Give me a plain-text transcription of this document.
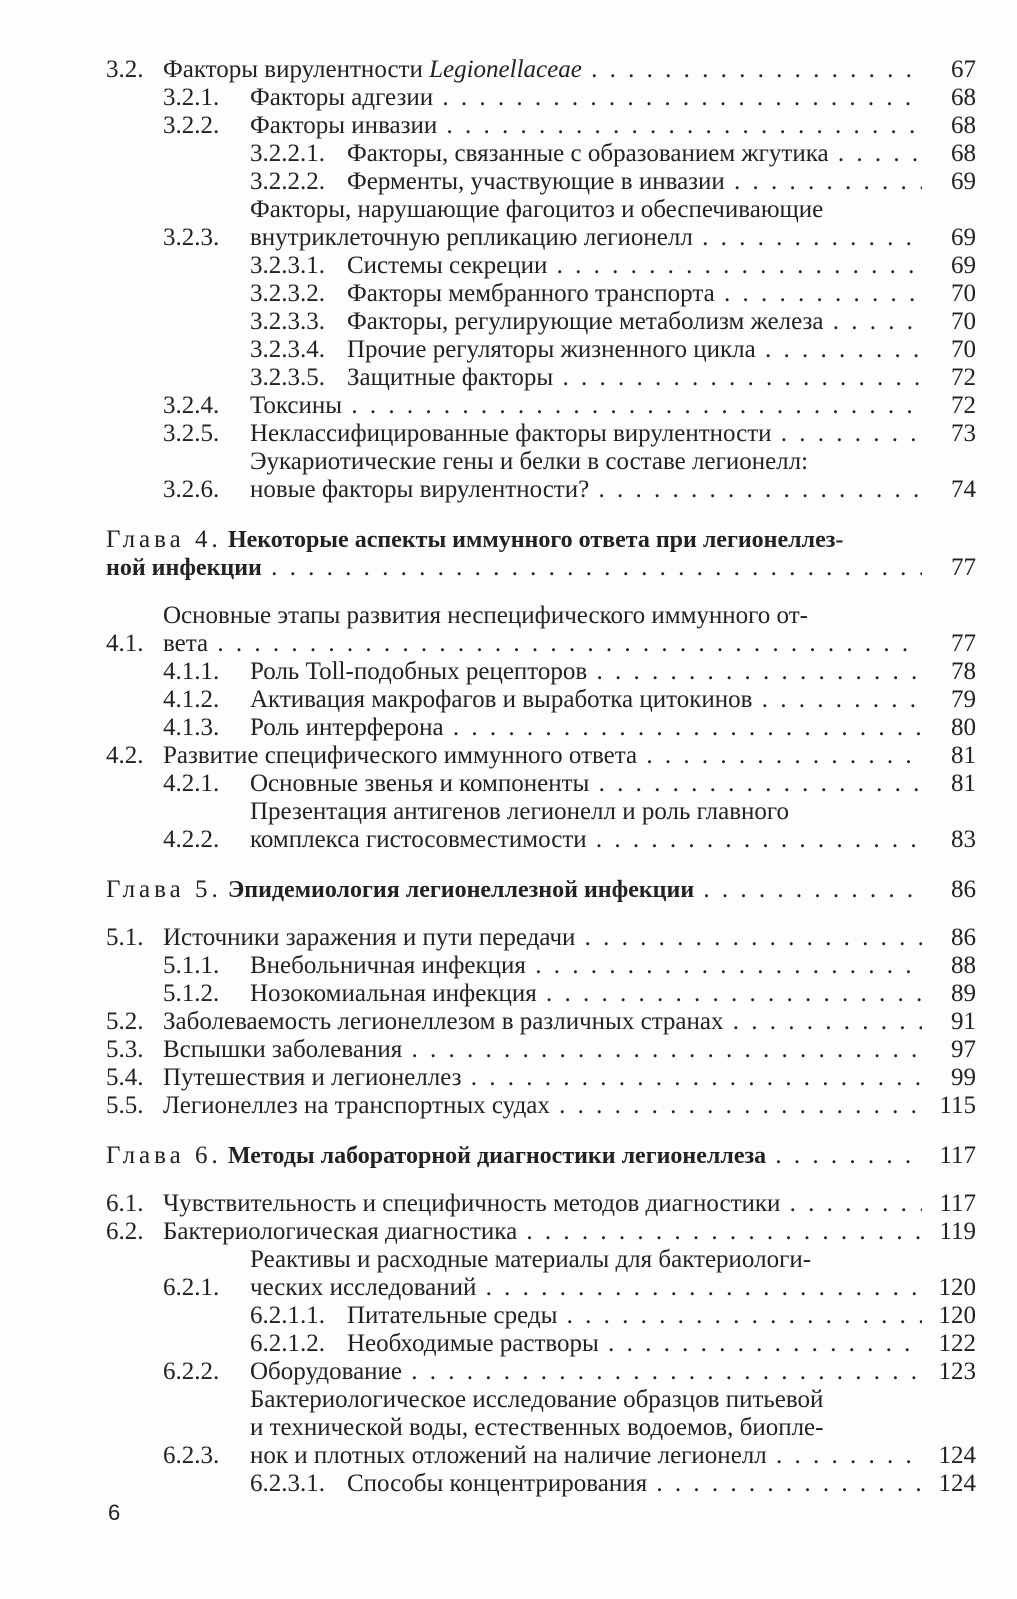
3.2. Факторы вирулентности Legionellaceae . . .	67
3.2.1.	Факторы адгезии . . .	68
3.2.2.	Факторы инвазии . . .	68
3.2.2.1. Факторы, связанные с образованием жгутика . . .	68
3.2.2.2. Ферменты, участвующие в инвазии . . .	69
3.2.3.
Факторы, нарушающие фагоцитоз и обеспечивающие
внутриклеточную репликацию легионелл . . .	69
3.2.3.1. Системы секреции . . .	69
3.2.3.2. Факторы мембранного транспорта . . .	70
3.2.3.3. Факторы, регулирующие метаболизм железа . . .	70
3.2.3.4. Прочие регуляторы жизненного цикла . . .	70
3.2.3.5. Защитные факторы . . .	72
3.2.4.	Токсины . . .	72
3.2.5.	Неклассифицированные факторы вирулентности . . .	73
3.2.6.
Эукариотические гены и белки в составе легионелл:
новые факторы вирулентности? . . .	74
Глава 4. Некоторые аспекты иммунного ответа при легионеллез-
ной инфекции . . .	77
4.1.
Основные этапы развития неспецифического иммунного от-
вета . . .	77
4.1.1.	Роль Toll-подобных рецепторов . . .	78
4.1.2.	Активация макрофагов и выработка цитокинов . . .	79
4.1.3.	Роль интерферона . . .	80
4.2. Развитие специфического иммунного ответа . . .	81
4.2.1.	Основные звенья и компоненты . . .	81
4.2.2.
Презентация антигенов легионелл и роль главного
комплекса гистосовместимости . . .	83
Глава 5. Эпидемиология легионеллезной инфекции . . .	86
5.1. Источники заражения и пути передачи . . .	86
5.1.1.	Внебольничная инфекция . . .	88
5.1.2.	Нозокомиальная инфекция . . .	89
5.2. Заболеваемость легионеллезом в различных странах . . .	91
5.3. Вспышки заболевания . . .	97
5.4. Путешествия и легионеллез . . .	99
5.5. Легионеллез на транспортных судах . . .	115
Глава 6. Методы лабораторной диагностики легионеллеза . . .	117
6.1. Чувствительность и специфичность методов диагностики . . .	117
6.2. Бактериологическая диагностика . . .	119
6.2.1.
Реактивы и расходные материалы для бактериологи-
ческих исследований . . .	120
6.2.1.1. Питательные среды . . .	120
6.2.1.2. Необходимые растворы . . .	122
6.2.2.	Оборудование . . .	123
6.2.3.
Бактериологическое исследование образцов питьевой
и технической воды, естественных водоемов, биопле-
нок и плотных отложений на наличие легионелл . . .	124
6.2.3.1. Способы концентрирования . . .	124
6
